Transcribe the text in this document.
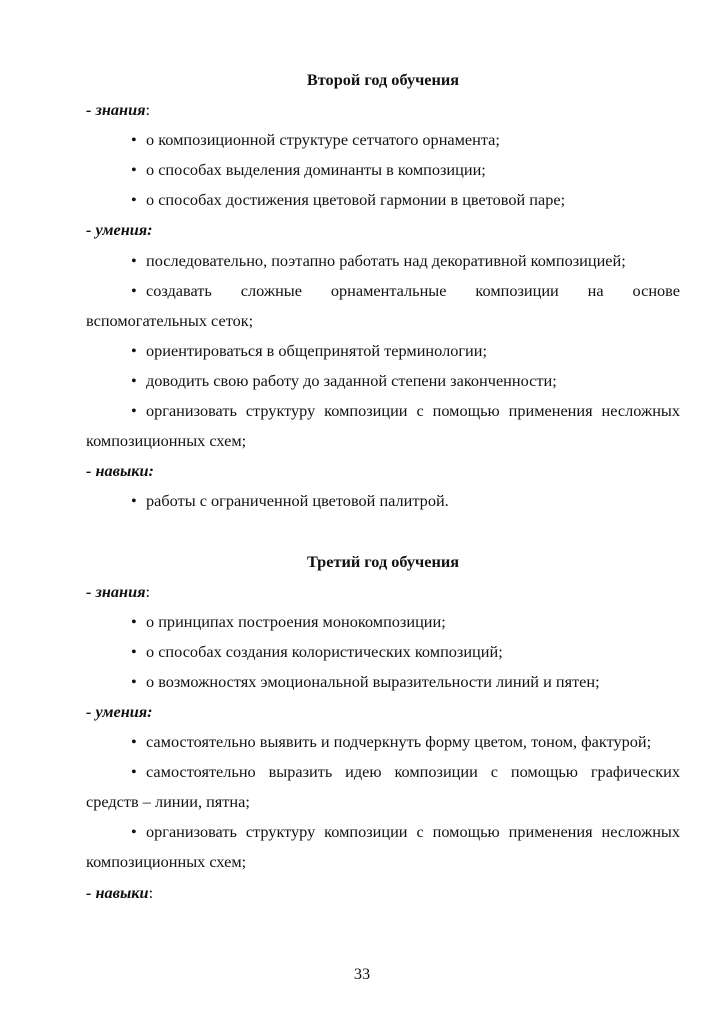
Второй год обучения

- знания:

• о композиционной структуре сетчатого орнамента;

• о способах выделения доминанты в композиции;

• о способах достижения цветовой гармонии в цветовой паре;

- умения:

• последовательно, поэтапно работать над декоративной композицией;

• создавать сложные орнаментальные композиции на основе вспомогательных сеток;

• ориентироваться в общепринятой терминологии;

• доводить свою работу до заданной степени законченности;

• организовать структуру композиции с помощью применения несложных композиционных схем;

- навыки:

• работы с ограниченной цветовой палитрой.

Третий год обучения

- знания:

• о принципах построения монокомпозиции;

• о способах создания колористических композиций;

• о возможностях эмоциональной выразительности линий и пятен;

- умения:

• самостоятельно выявить и подчеркнуть форму цветом, тоном, фактурой;

• самостоятельно выразить идею композиции с помощью графических средств – линии, пятна;

• организовать структуру композиции с помощью применения несложных композиционных схем;

- навыки:

33
